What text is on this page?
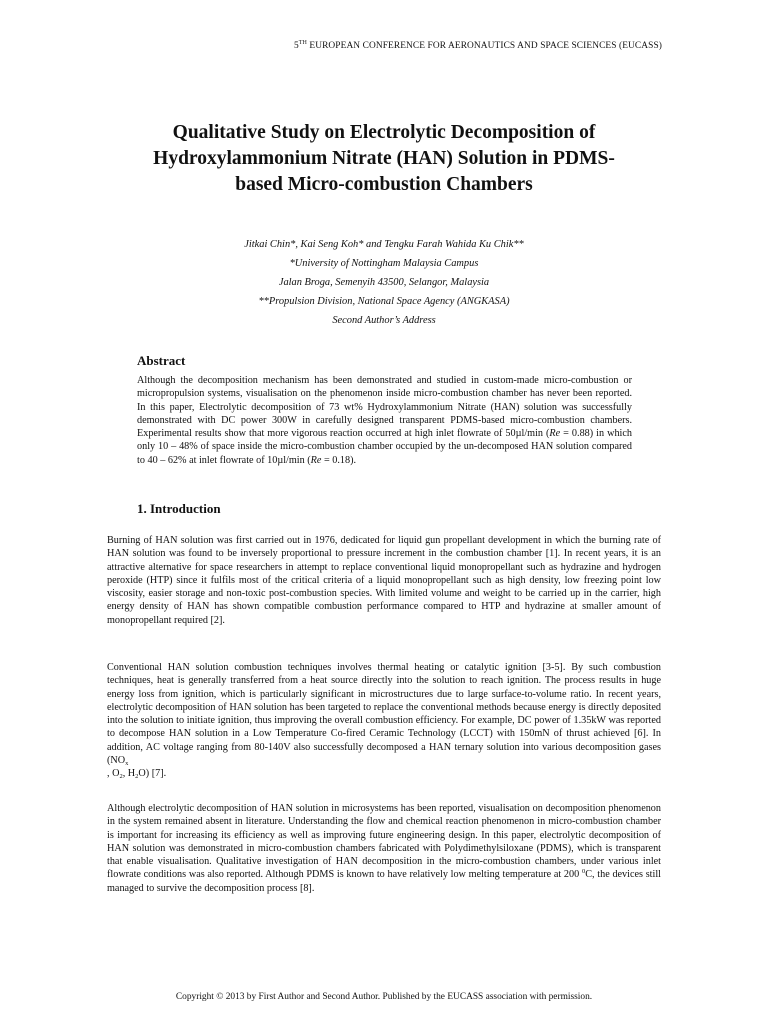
5TH EUROPEAN CONFERENCE FOR AERONAUTICS AND SPACE SCIENCES (EUCASS)
Qualitative Study on Electrolytic Decomposition of
Hydroxylammonium Nitrate (HAN) Solution in PDMS-
based Micro-combustion Chambers
Jitkai Chin*, Kai Seng Koh* and Tengku Farah Wahida Ku Chik**
*University of Nottingham Malaysia Campus
Jalan Broga, Semenyih 43500, Selangor, Malaysia
**Propulsion Division, National Space Agency (ANGKASA)
Second Author’s Address
Abstract
Although the decomposition mechanism has been demonstrated and studied in custom-made micro-combustion or micropropulsion systems, visualisation on the phenomenon inside micro-combustion chamber has never been reported. In this paper, Electrolytic decomposition of 73 wt% Hydroxylammonium Nitrate (HAN) solution was successfully demonstrated with DC power 300W in carefully designed transparent PDMS-based micro-combustion chambers. Experimental results show that more vigorous reaction occurred at high inlet flowrate of 50µl/min (Re = 0.88) in which only 10 – 48% of space inside the micro-combustion chamber occupied by the un-decomposed HAN solution compared to 40 – 62% at inlet flowrate of 10µl/min (Re = 0.18).
1. Introduction

Burning of HAN solution was first carried out in 1976, dedicated for liquid gun propellant development in which the burning rate of HAN solution was found to be inversely proportional to pressure increment in the combustion chamber [1]. In recent years, it is an attractive alternative for space researchers in attempt to replace conventional liquid monopropellant such as hydrazine and hydrogen peroxide (HTP) since it fulfils most of the critical criteria of a liquid monopropellant such as high density, low freezing point low viscosity, easier storage and non-toxic post-combustion species. With limited volume and weight to be carried up in the carrier, high energy density of HAN has shown compatible combustion performance compared to HTP and hydrazine at smaller amount of monopropellant required [2].

Conventional HAN solution combustion techniques involves thermal heating or catalytic ignition [3-5]. By such combustion techniques, heat is generally transferred from a heat source directly into the solution to reach ignition. The process results in huge energy loss from ignition, which is particularly significant in microstructures due to large surface-to-volume ratio. In recent years, electrolytic decomposition of HAN solution has been targeted to replace the conventional methods because energy is directly deposited into the solution to initiate ignition, thus improving the overall combustion efficiency. For example, DC power of 1.35kW was reported to decompose HAN solution in a Low Temperature Co-fired Ceramic Technology (LCCT) with 150mN of thrust achieved [6]. In addition, AC voltage ranging from 80-140V also successfully decomposed a HAN ternary solution into various decomposition gases ($NO_x$
, $O_2$, $H_2O$) [7].

Although electrolytic decomposition of HAN solution in microsystems has been reported, visualisation on decomposition phenomenon in the system remained absent in literature. Understanding the flow and chemical reaction phenomenon in micro-combustion chamber is important for increasing its efficiency as well as improving future engineering design. In this paper, electrolytic decomposition of HAN solution was demonstrated in micro-combustion chambers fabricated with Polydimethylsiloxane (PDMS), which is transparent that enable visualisation. Qualitative investigation of HAN decomposition in the micro-combustion chambers, under various inlet flowrate conditions was also reported. Although PDMS is known to have relatively low melting temperature at 200 $^0$C, the devices still managed to survive the decomposition process [8].

Copyright © 2013 by First Author and Second Author. Published by the EUCASS association with permission.
